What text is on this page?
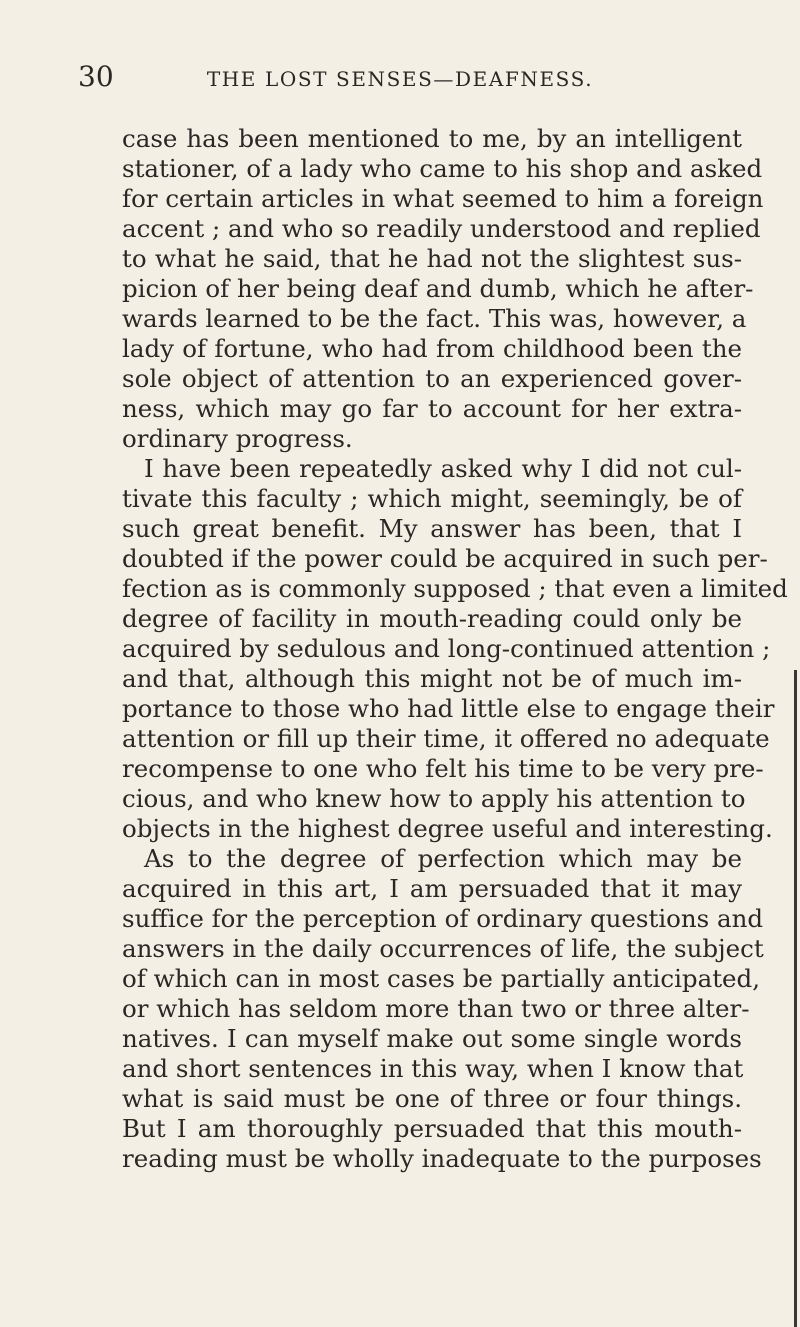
30	THE LOST SENSES—DEAFNESS.
case has been mentioned to me, by an intelligent
stationer, of a lady who came to his shop and asked
for certain articles in what seemed to him a foreign
accent ; and who so readily understood and replied
to what he said, that he had not the slightest sus-
picion of her being deaf and dumb, which he after-
wards learned to be the fact. This was, however, a
lady of fortune, who had from childhood been the
sole object of attention to an experienced gover-
ness, which may go far to account for her extra-
ordinary progress.
I have been repeatedly asked why I did not cul-
tivate this faculty ; which might, seemingly, be of
such great benefit. My answer has been, that I
doubted if the power could be acquired in such per-
fection as is commonly supposed ; that even a limited
degree of facility in mouth-reading could only be
acquired by sedulous and long-continued attention ;
and that, although this might not be of much im-
portance to those who had little else to engage their
attention or fill up their time, it offered no adequate
recompense to one who felt his time to be very pre-
cious, and who knew how to apply his attention to
objects in the highest degree useful and interesting.
As to the degree of perfection which may be
acquired in this art, I am persuaded that it may
suffice for the perception of ordinary questions and
answers in the daily occurrences of life, the subject
of which can in most cases be partially anticipated,
or which has seldom more than two or three alter-
natives. I can myself make out some single words
and short sentences in this way, when I know that
what is said must be one of three or four things.
But I am thoroughly persuaded that this mouth-
reading must be wholly inadequate to the purposes
